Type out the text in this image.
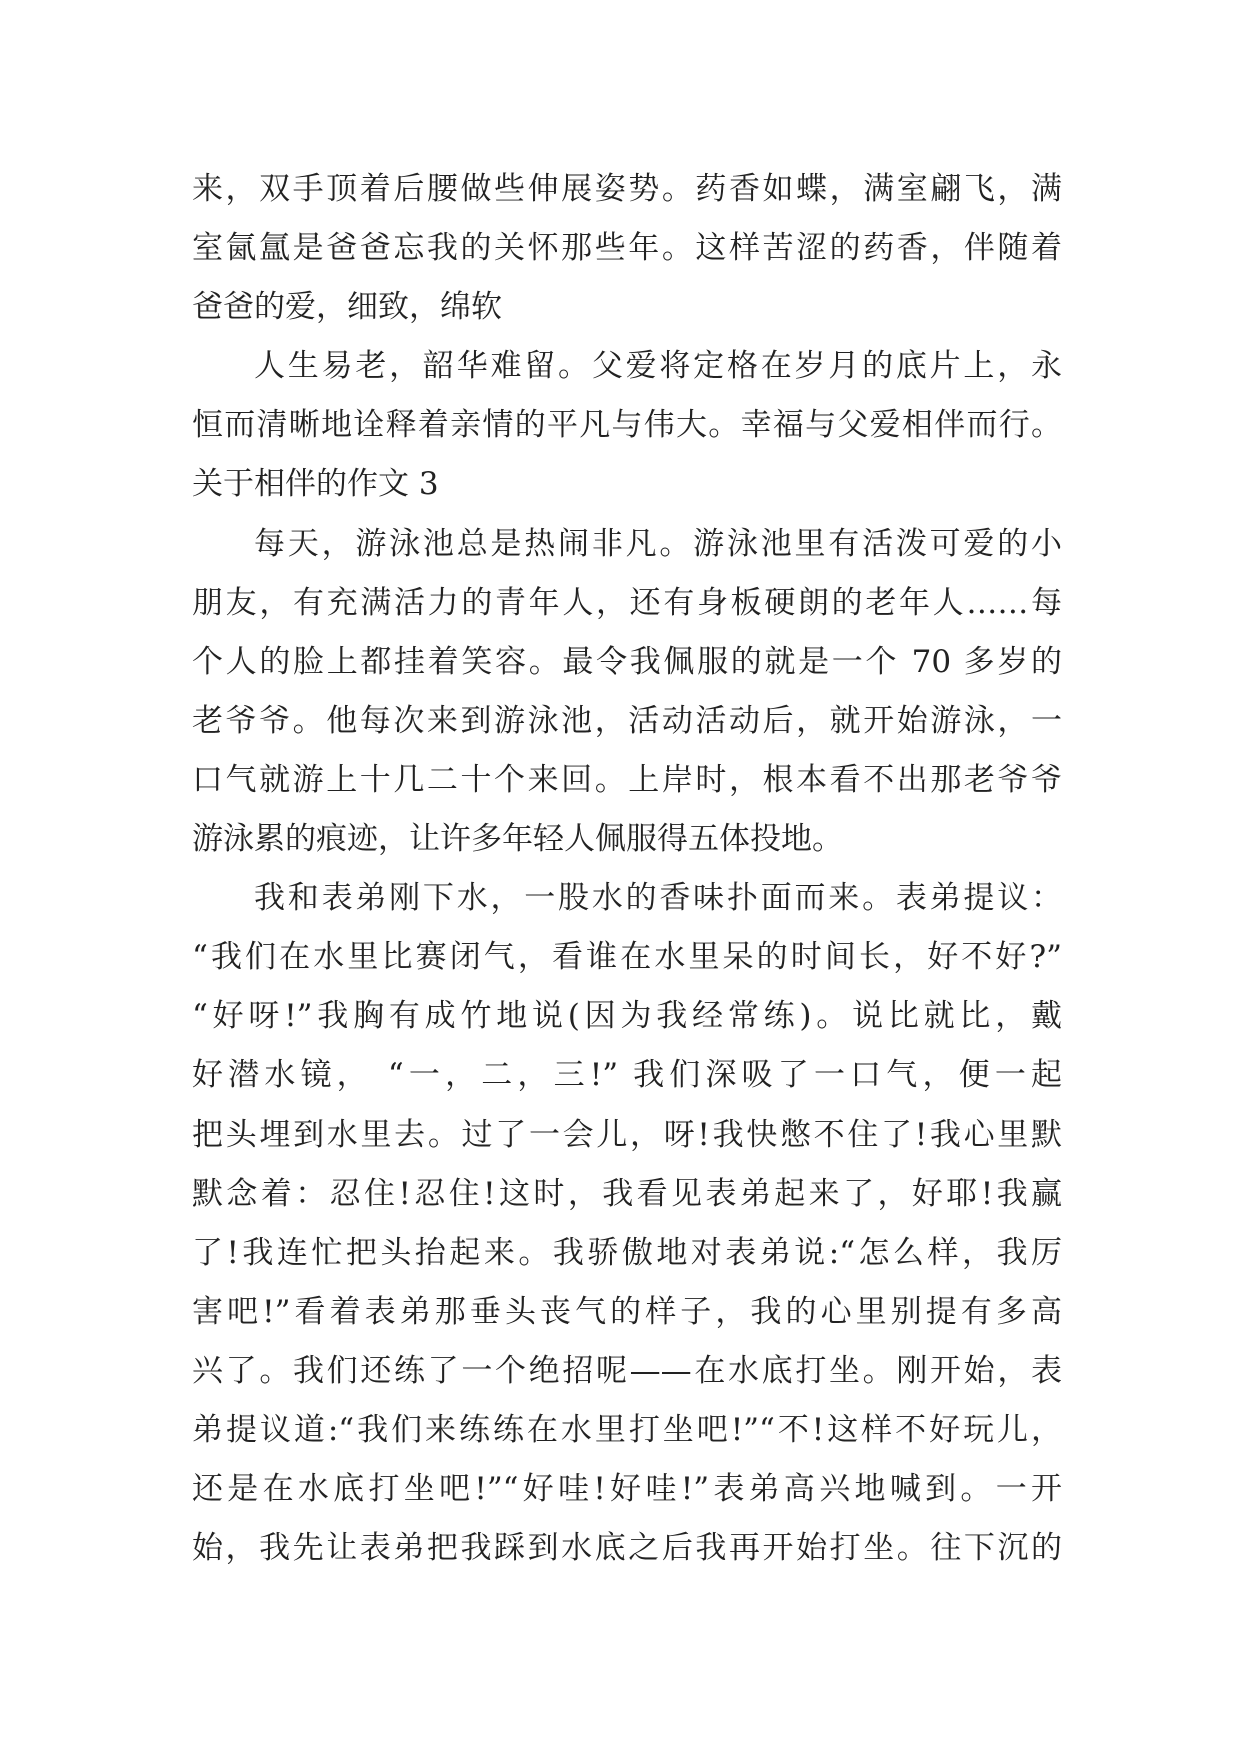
来，双手顶着后腰做些伸展姿势。药香如蝶，满室翩飞，满
室氤氲是爸爸忘我的关怀那些年。这样苦涩的药香，伴随着
爸爸的爱，细致，绵软
人生易老，韶华难留。父爱将定格在岁月的底片上，永
恒而清晰地诠释着亲情的平凡与伟大。幸福与父爱相伴而行。
关于相伴的作文 3
每天，游泳池总是热闹非凡。游泳池里有活泼可爱的小
朋友，有充满活力的青年人，还有身板硬朗的老年人……每
个人的脸上都挂着笑容。最令我佩服的就是一个 70 多岁的
老爷爷。他每次来到游泳池，活动活动后，就开始游泳，一
口气就游上十几二十个来回。上岸时，根本看不出那老爷爷
游泳累的痕迹，让许多年轻人佩服得五体投地。
我和表弟刚下水，一股水的香味扑面而来。表弟提议：
“我们在水里比赛闭气，看谁在水里呆的时间长，好不好?”
“好呀!”我胸有成竹地说(因为我经常练)。说比就比，戴
好潜水镜， “一，二，三!” 我们深吸了一口气，便一起
把头埋到水里去。过了一会儿，呀!我快憋不住了!我心里默
默念着：忍住!忍住!这时，我看见表弟起来了，好耶!我赢
了!我连忙把头抬起来。我骄傲地对表弟说:“怎么样，我厉
害吧!”看着表弟那垂头丧气的样子，我的心里别提有多高
兴了。我们还练了一个绝招呢——在水底打坐。刚开始，表
弟提议道:“我们来练练在水里打坐吧!”“不!这样不好玩儿，
还是在水底打坐吧!”“好哇!好哇!”表弟高兴地喊到。一开
始，我先让表弟把我踩到水底之后我再开始打坐。往下沉的
